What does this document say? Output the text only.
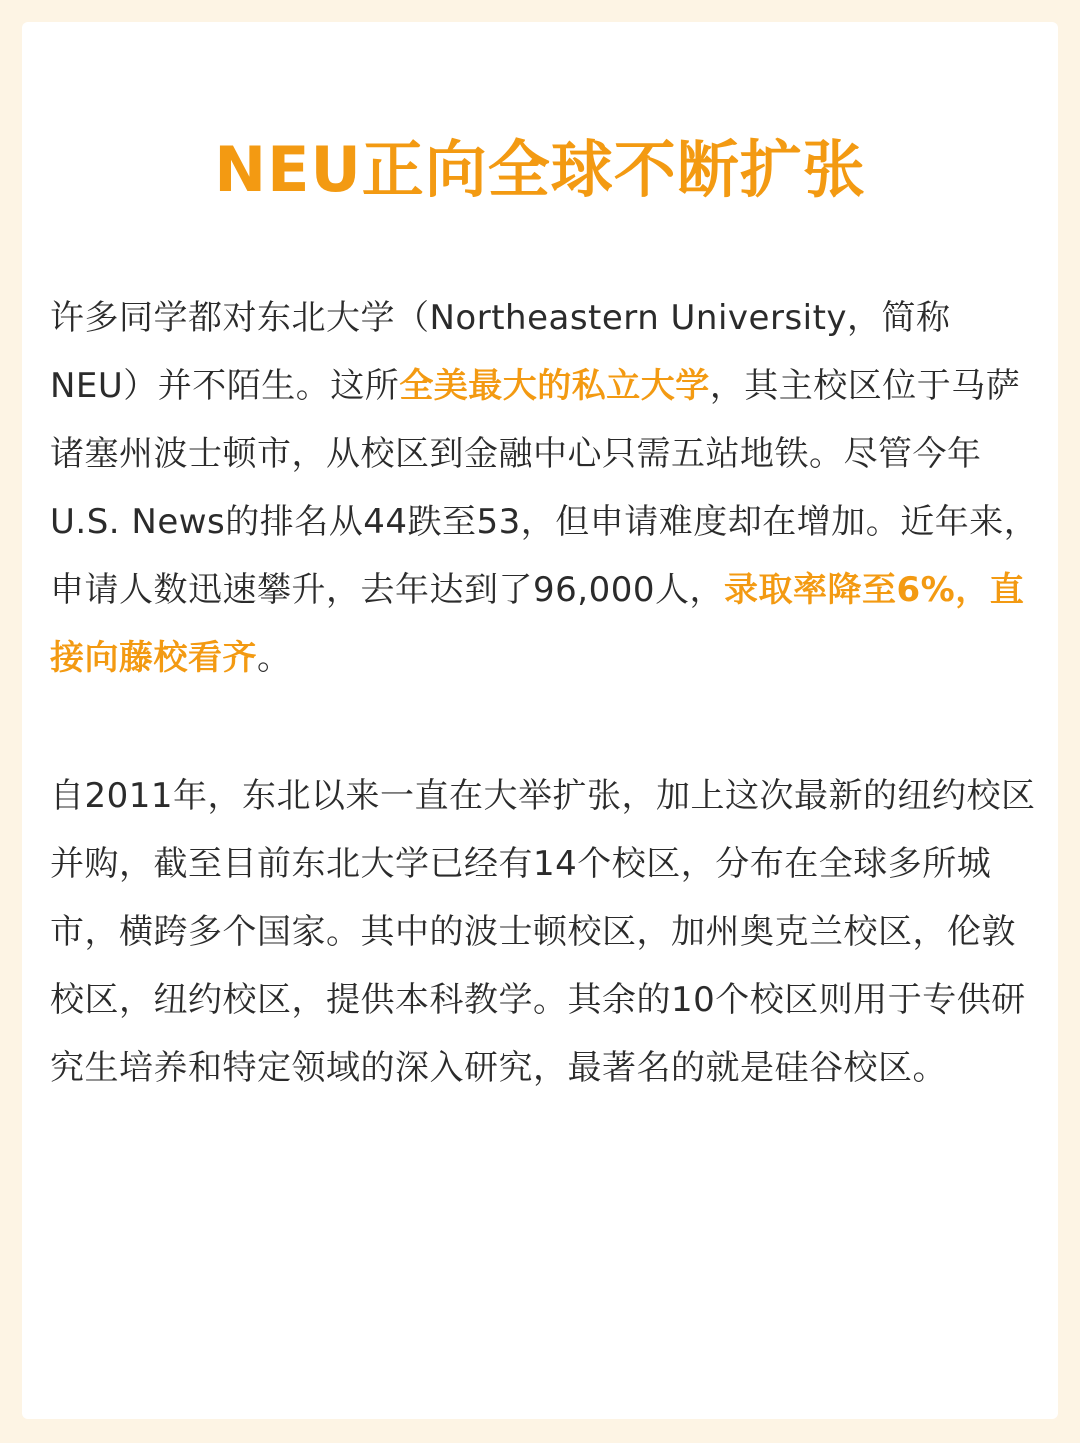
NEU正向全球不断扩张

许多同学都对东北大学（Northeastern University，简称NEU）并不陌生。这所全美最大的私立大学，其主校区位于马萨诸塞州波士顿市，从校区到金融中心只需五站地铁。尽管今年U.S. News的排名从44跌至53，但申请难度却在增加。近年来，申请人数迅速攀升，去年达到了96,000人，录取率降至6%，直接向藤校看齐。

自2011年，东北以来一直在大举扩张，加上这次最新的纽约校区并购，截至目前东北大学已经有14个校区，分布在全球多所城市，横跨多个国家。其中的波士顿校区，加州奥克兰校区，伦敦校区，纽约校区，提供本科教学。其余的10个校区则用于专供研究生培养和特定领域的深入研究，最著名的就是硅谷校区。
